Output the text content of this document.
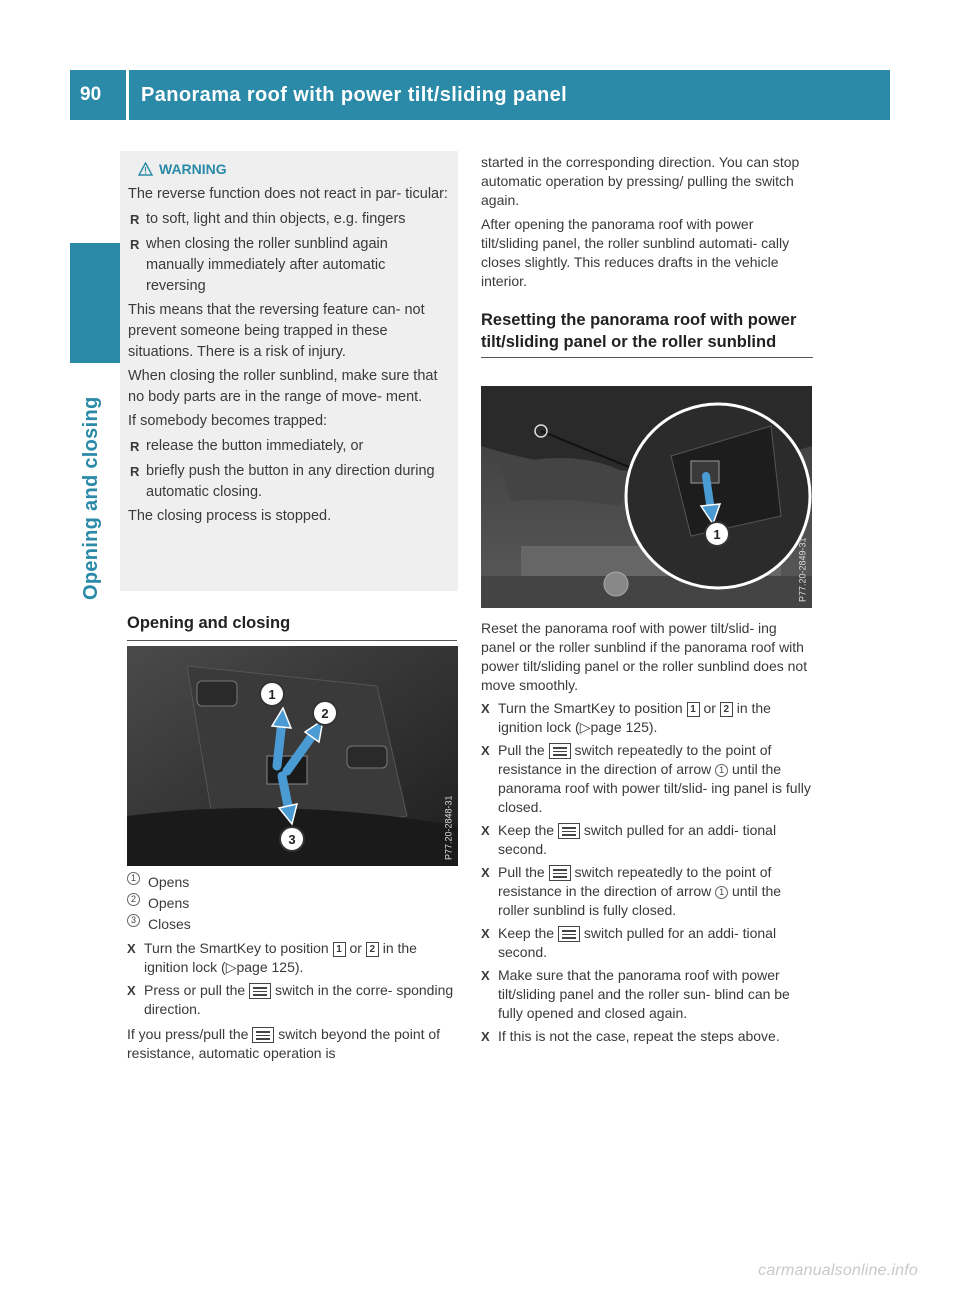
90	Panorama roof with power tilt/sliding panel
Opening and closing
WARNING

The reverse function does not react in par- ticular:

R to soft, light and thin objects, e.g. fingers
R when closing the roller sunblind again manually immediately after automatic reversing

This means that the reversing feature can- not prevent someone being trapped in these situations. There is a risk of injury.

When closing the roller sunblind, make sure that no body parts are in the range of move- ment.

If somebody becomes trapped:

R release the button immediately, or
R briefly push the button in any direction during automatic closing.

The closing process is stopped.

Opening and closing
1
2
3	P77.20-2848-31
1 Opens
2 Opens
3 Closes
X Turn the SmartKey to position 1 or 2 in the ignition lock (▷page 125).
X Press or pull the switch in the corre- sponding direction.

If you press/pull the switch beyond the point of resistance, automatic operation is

started in the corresponding direction. You can stop automatic operation by pressing/ pulling the switch again.

After opening the panorama roof with power tilt/sliding panel, the roller sunblind automati- cally closes slightly. This reduces drafts in the vehicle interior.

Resetting the panorama roof with power tilt/sliding panel or the roller sunblind
1
P77.20-2849-31

Reset the panorama roof with power tilt/slid- ing panel or the roller sunblind if the panorama roof with power tilt/sliding panel or the roller sunblind does not move smoothly.

X Turn the SmartKey to position 1 or 2 in the ignition lock (▷page 125).
X Pull the switch repeatedly to the point of resistance in the direction of arrow 1 until the panorama roof with power tilt/slid- ing panel is fully closed.
X Keep the switch pulled for an addi- tional second.
X Pull the switch repeatedly to the point of resistance in the direction of arrow 1 until the roller sunblind is fully closed.
X Keep the switch pulled for an addi- tional second.
X Make sure that the panorama roof with power tilt/sliding panel and the roller sun- blind can be fully opened and closed again.
X If this is not the case, repeat the steps above.
carmanualsonline.info
